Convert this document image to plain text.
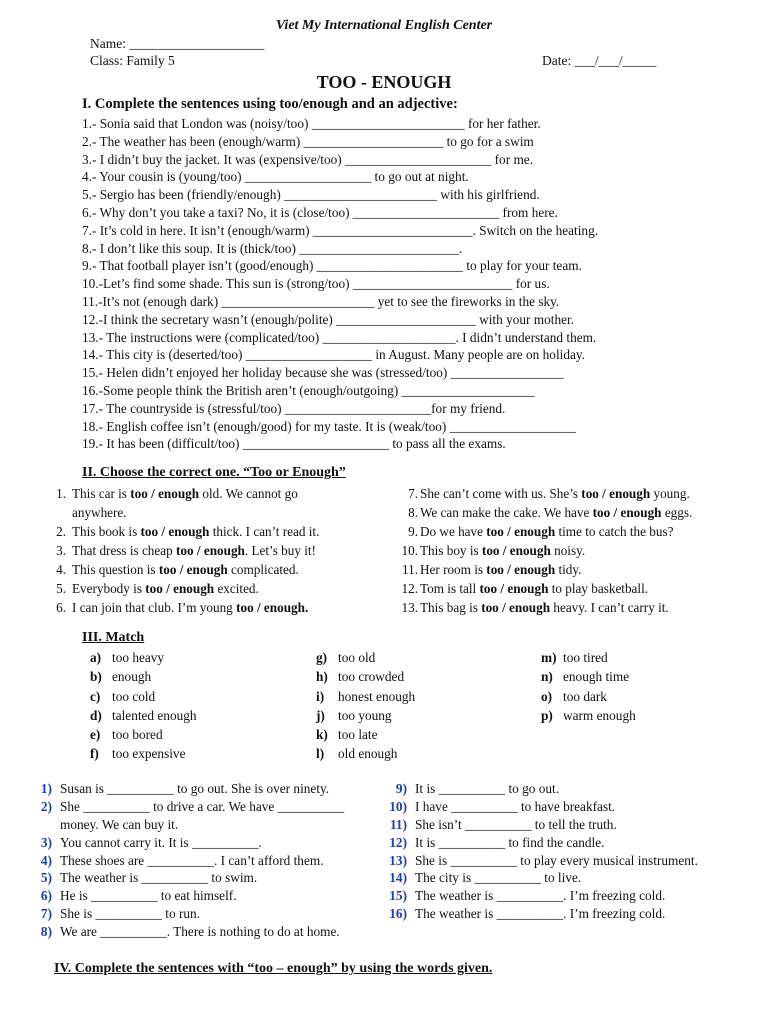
Viet My International English Center
Name: ____________________
Class: Family 5	Date: ___/___/_____
TOO - ENOUGH
I. Complete the sentences using too/enough and an adjective:
1.- Sonia said that London was (noisy/too) _______________________ for her father.
2.- The weather has been (enough/warm) _____________________ to go for a swim
3.- I didn’t buy the jacket. It was (expensive/too) ______________________ for me.
4.- Your cousin is (young/too) ___________________ to go out at night.
5.- Sergio has been (friendly/enough) _______________________ with his girlfriend.
6.- Why don’t you take a taxi? No, it is (close/too) ______________________ from here.
7.- It’s cold in here. It isn’t (enough/warm) ________________________. Switch on the heating.
8.- I don’t like this soup. It is (thick/too) ________________________.
9.- That football player isn’t (good/enough) ______________________ to play for your team.
10.-Let’s find some shade. This sun is (strong/too) ________________________ for us.
11.-It’s not (enough dark) _______________________ yet to see the fireworks in the sky.
12.-I think the secretary wasn’t (enough/polite) _____________________ with your mother.
13.- The instructions were (complicated/too) ____________________. I didn’t understand them.
14.- This city is (deserted/too) ___________________ in August. Many people are on holiday.
15.- Helen didn’t enjoyed her holiday because she was (stressed/too) _________________
16.-Some people think the British aren’t (enough/outgoing) ____________________
17.- The countryside is (stressful/too) ______________________for my friend.
18.- English coffee isn’t (enough/good) for my taste. It is (weak/too) ___________________
19.- It has been (difficult/too) ______________________ to pass all the exams.
II. Choose the correct one. “Too or Enough”
1. This car is too / enough old. We cannot go
anywhere.
2. This book is too / enough thick. I can’t read it.
3. That dress is cheap too / enough . Let’s buy it!
4. This question is too / enough complicated.
5. Everybody is too / enough excited.
6. I can join that club. I’m young too / enough.
7. She can’t come with us. She’s too / enough young.
8. We can make the cake. We have too / enough eggs.
9. Do we have too / enough time to catch the bus?
10. This boy is too / enough noisy.
11. Her room is too / enough tidy.
12. Tom is tall too / enough to play basketball.
13. This bag is too / enough heavy. I can’t carry it.
III. Match
a) too heavy
b) enough
c) too cold
d) talented enough
e) too bored
f) too expensive
g) too old
h) too crowded
i)	honest enough
j) too young
k) too late
l)	old enough
m) too tired
n) enough time
o) too dark
p) warm enough
1) Susan is __________ to go out. She is over ninety.
2) She __________ to drive a car. We have __________
money. We can buy it.
3) You cannot carry it. It is __________.
4) These shoes are __________. I can’t afford them.
5) The weather is __________ to swim.
6) He is __________ to eat himself.
7) She is __________ to run.
8) We are __________. There is nothing to do at home.
9) It is __________ to go out.
10) I have __________ to have breakfast.
11) She isn’t __________ to tell the truth.
12) It is __________ to find the candle.
13) She is __________ to play every musical instrument.
14) The city is __________ to live.
15) The weather is __________. I’m freezing cold.
16) The weather is __________. I’m freezing cold.
IV. Complete the sentences with “too – enough” by using the words given.
